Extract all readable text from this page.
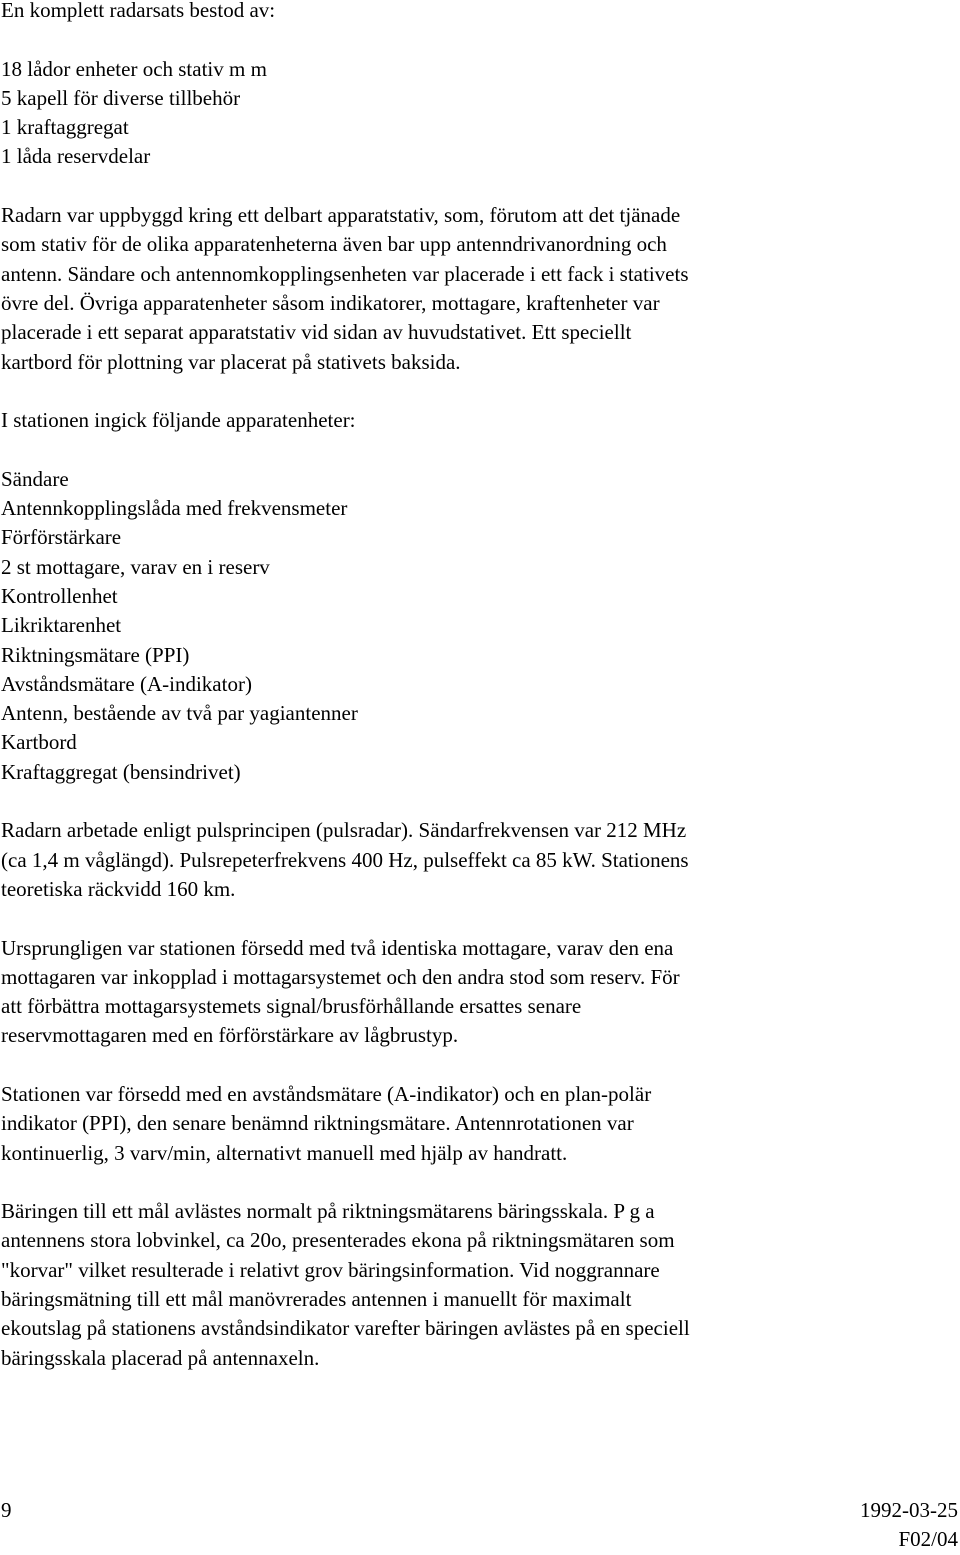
En komplett radarsats bestod av:
18 lådor enheter och stativ m m
5 kapell för diverse tillbehör
1 kraftaggregat
1 låda reservdelar
Radarn var uppbyggd kring ett delbart apparatstativ, som, förutom att det tjänade
som stativ för de olika apparatenheterna även bar upp antenndrivanordning och
antenn. Sändare och antennomkopplingsenheten var placerade i ett fack i stativets
övre del. Övriga apparatenheter såsom indikatorer, mottagare, kraftenheter var
placerade i ett separat apparatstativ vid sidan av huvudstativet. Ett speciellt
kartbord för plottning var placerat på stativets baksida.
I stationen ingick följande apparatenheter:
Sändare
Antennkopplingslåda med frekvensmeter
Förförstärkare
2 st mottagare, varav en i reserv
Kontrollenhet
Likriktarenhet
Riktningsmätare (PPI)
Avståndsmätare (A-indikator)
Antenn, bestående av två par yagiantenner
Kartbord
Kraftaggregat (bensindrivet)
Radarn arbetade enligt pulsprincipen (pulsradar). Sändarfrekvensen var 212 MHz
(ca 1,4 m våglängd). Pulsrepeterfrekvens 400 Hz, pulseffekt ca 85 kW. Stationens
teoretiska räckvidd 160 km.
Ursprungligen var stationen försedd med två identiska mottagare, varav den ena
mottagaren var inkopplad i mottagarsystemet och den andra stod som reserv. För
att förbättra mottagarsystemets signal/brusförhållande ersattes senare
reservmottagaren med en förförstärkare av lågbrustyp.
Stationen var försedd med en avståndsmätare (A-indikator) och en plan-polär
indikator (PPI), den senare benämnd riktningsmätare. Antennrotationen var
kontinuerlig, 3 varv/min, alternativt manuell med hjälp av handratt.
Bäringen till ett mål avlästes normalt på riktningsmätarens bäringsskala. P g a
antennens stora lobvinkel, ca 20o, presenterades ekona på riktningsmätaren som
"korvar" vilket resulterade i relativt grov bäringsinformation. Vid noggrannare
bäringsmätning till ett mål manövrerades antennen i manuellt för maximalt
ekoutslag på stationens avståndsindikator varefter bäringen avlästes på en speciell
bäringsskala placerad på antennaxeln.
9	1992-03-25
F02/04
